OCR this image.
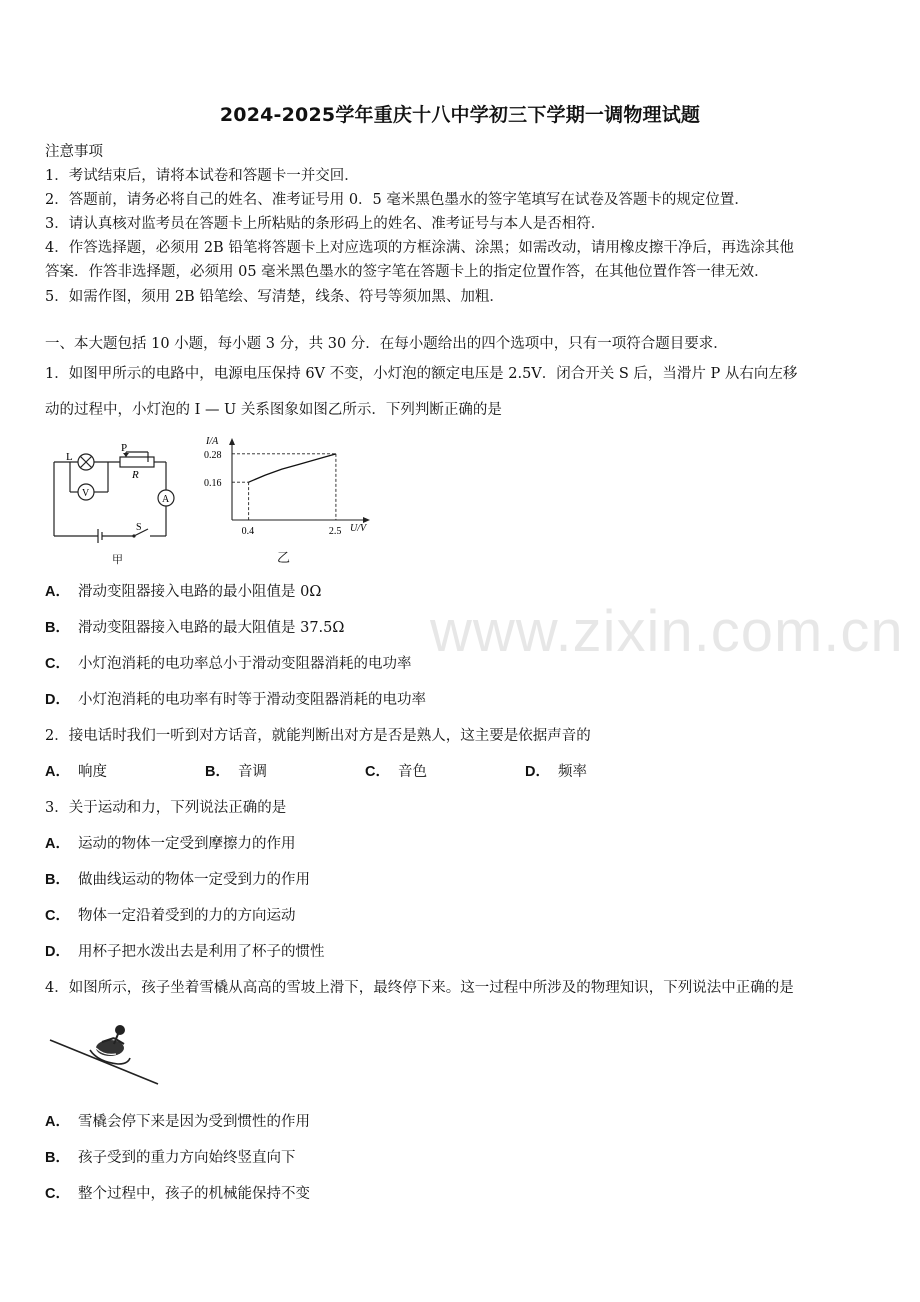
2024-2025学年重庆十八中学初三下学期一调物理试题
注意事项
1．考试结束后，请将本试卷和答题卡一并交回．
2．答题前，请务必将自己的姓名、准考证号用 0．5 毫米黑色墨水的签字笔填写在试卷及答题卡的规定位置．
3．请认真核对监考员在答题卡上所粘贴的条形码上的姓名、准考证号与本人是否相符．
4．作答选择题，必须用 2B 铅笔将答题卡上对应选项的方框涂满、涂黑；如需改动，请用橡皮擦干净后，再选涂其他
答案．作答非选择题，必须用 05 毫米黑色墨水的签字笔在答题卡上的指定位置作答，在其他位置作答一律无效．
5．如需作图，须用 2B 铅笔绘、写清楚，线条、符号等须加黑、加粗．
一、本大题包括 10 小题，每小题 3 分，共 30 分．在每小题给出的四个选项中，只有一项符合题目要求．
1．如图甲所示的电路中，电源电压保持 6V 不变，小灯泡的额定电压是 2.5V．闭合开关 S 后，当滑片 P 从右向左移
动的过程中，小灯泡的 I — U 关系图象如图乙所示．下列判断正确的是
L
P
R
V
A
S
甲
I/A
U/V
0.28
0.16
0.4	2.5
乙
A． 滑动变阻器接入电路的最小阻值是 0Ω
B． 滑动变阻器接入电路的最大阻值是 37.5Ω
C． 小灯泡消耗的电功率总小于滑动变阻器消耗的电功率
D． 小灯泡消耗的电功率有时等于滑动变阻器消耗的电功率
www.zixin.com.cn
2．接电话时我们一听到对方话音，就能判断出对方是否是熟人，这主要是依据声音的
A． 响度	B． 音调	C． 音色	D． 频率
3．关于运动和力，下列说法正确的是
A． 运动的物体一定受到摩擦力的作用
B． 做曲线运动的物体一定受到力的作用
C． 物体一定沿着受到的力的方向运动
D． 用杯子把水泼出去是利用了杯子的惯性
4．如图所示，孩子坐着雪橇从高高的雪坡上滑下，最终停下来。这一过程中所涉及的物理知识，下列说法中正确的是
A． 雪橇会停下来是因为受到惯性的作用
B． 孩子受到的重力方向始终竖直向下
C． 整个过程中，孩子的机械能保持不变
